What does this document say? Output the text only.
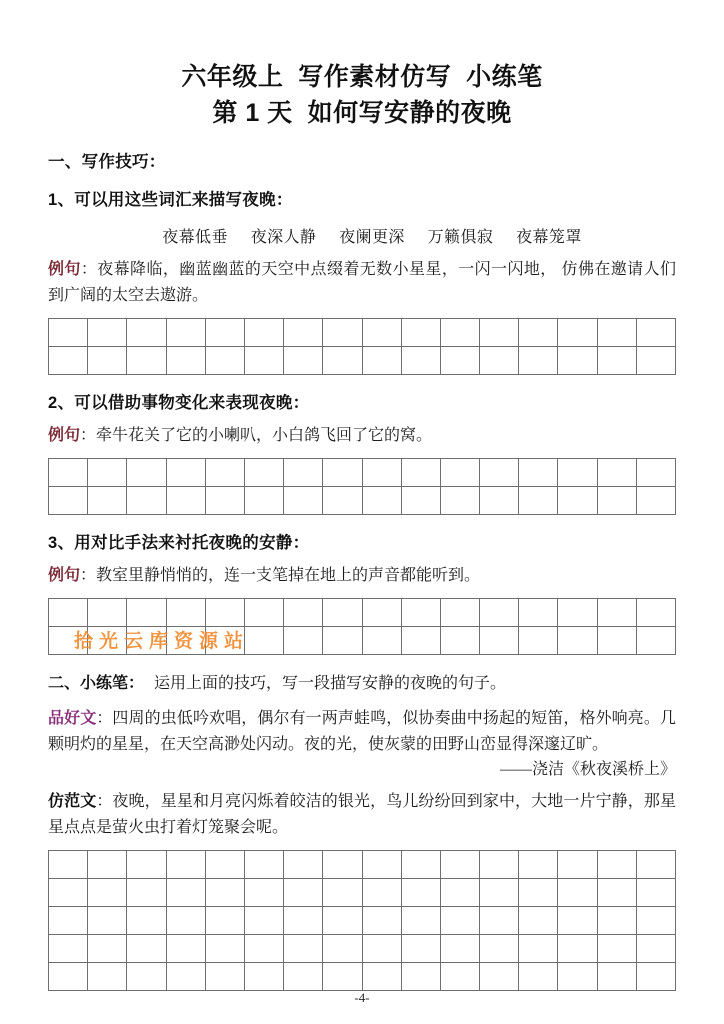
六年级上  写作素材仿写  小练笔
第 1 天  如何写安静的夜晚
一、写作技巧：
1、可以用这些词汇来描写夜晚：
夜幕低垂 夜深人静 夜阑更深 万籁俱寂 夜幕笼罩
例句：夜幕降临，幽蓝幽蓝的天空中点缀着无数小星星，一闪一闪地， 仿佛在邀请人们到广阔的太空去遨游。

2、可以借助事物变化来表现夜晚：
例句：牵牛花关了它的小喇叭，小白鸽飞回了它的窝。

3、用对比手法来衬托夜晚的安静：
例句：教室里静悄悄的，连一支笔掉在地上的声音都能听到。

拾光云库资源站
二、小练笔： 运用上面的技巧，写一段描写安静的夜晚的句子。
品好文：四周的虫低吟欢唱，偶尔有一两声蛙鸣，似协奏曲中扬起的短笛，格外响亮。几颗明灼的星星，在天空高渺处闪动。夜的光，使灰蒙的田野山峦显得深邃辽旷。
——浇洁《秋夜溪桥上》
仿范文：夜晚，星星和月亮闪烁着皎洁的银光，鸟儿纷纷回到家中，大地一片宁静，那星星点点是萤火虫打着灯笼聚会呢。

-4-
